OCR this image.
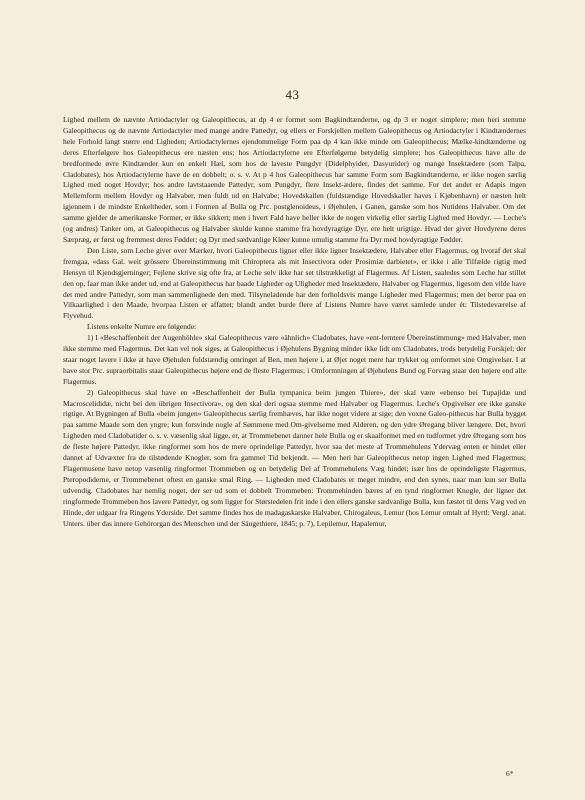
43

Lighed mellem de nævnte Artiodactyler og Galeopithecus, at dp 4 er formet som Bagkindtænderne, og dp 3 er noget simplere; men heri stemme Galeopithecus og de nævnte Artiodactyler med mange andre Pattedyr, og ellers er Forskjellen mellem Galeopithecus og Artiodactyler i Kindtændernes hele Forhold langt større end Ligheden; Artiodactylernes ejendommelige Form paa dp 4 kan ikke minde om Galeopithecus; Mælke-kindtænderne og deres Efterfølgere hos Galeopithecus ere næsten ens; hos Artiodactylerne ere Efterfølgerne betydelig simplere; hos Galeopithecus have alle de bredformede øvre Kindtænder kun en enkelt Hæl, som hos de laveste Pungdyr (Didelphyider, Dasyurider) og mange Insektædere (som Talpa, Cladobates), hos Artiodactylerne have de en dobbelt; o. s. v. At p 4 hos Galeopithecus har samme Form som Bagkindtænderne, er ikke nogen særlig Lighed med noget Hovdyr; hos andre lavtstaaende Pattedyr, som Pungdyr, flere Insekt-ædere, findes det samme. For det andet er Adapis ingen Mellemform mellem Hovdyr og Halvaber, men fuldt ud en Halvabe; Hovedskallen (fuldstændige Hovedskaller haves i Kjøbenhavn) er næsten helt igjennem i de mindste Enkeltheder, som i Formen af Bulla og Prc. postglenoideus, i Øjehulen, i Ganen, ganske som hos Nutidens Halvaber. Om det samme gjelder de amerikanske Former, er ikke sikkert; men i hvert Fald have heller ikke de nogen virkelig eller særlig Lighed med Hovdyr. — Leche's (og andres) Tanker om, at Galeopithecus og Halvaber skulde kunne stamme fra hovdyragtige Dyr, ere helt urigtige. Hvad der giver Hovdyrene deres Særpræg, er først og fremmest deres Fødder; og Dyr med sædvanlige Kløer kunne umulig stamme fra Dyr med hovdyragtige Fødder.

Den Liste, som Leche giver over Mærker, hvori Galeopithecus ligner eller ikke ligner Insektædere, Halvaber eller Flagermus, og hvoraf det skal fremgaa, «dass Gal. weit grössere Übereinstimmung mit Chiroptera als mit Insectivora oder Prosimiæ darbietet», er ikke i alle Tilfælde rigtig med Hensyn til Kjendsgjerninger; Fejlene skrive sig ofte fra, at Leche selv ikke har set tilstrækkeligt af Flagermus. Af Listen, saaledes som Leche har stillet den op, faar man ikke andet ud, end at Galeopithecus har baade Ligheder og Uligheder med Insektædere, Halvaber og Flagermus, ligesom den vilde have det med andre Pattedyr, som man sammenlignede den med. Tilsyneladende har den forholdsvis mange Ligheder med Flagermus; men det beror paa en Vilkaarlighed i den Maade, hvorpaa Listen er affattet; blandt andet burde flere af Listens Numre have været samlede under ét: Tilstedeværelse af Flyvehud.

Listens enkelte Numre ere følgende:

1) I «Beschaffenheit der Augenhöhle» skal Galeopithecus være «ähnlich» Cladobates, have «ent-ferntere Übereinstimmung» med Halvaber, men ikke stemme med Flagermus. Det kan vel nok siges, at Galeopithecus i Øjehulens Bygning minder ikke lidt om Cladobates, trods betydelig Forskjel; der staar noget lavere i ikke at have Øjehulen fuldstændig omringet af Ben, men højere i, at Øjet noget mere har trykket og omformet sine Omgivelser. I at have stor Prc. supraorbitalis staar Galeopithecus højere end de fleste Flagermus; i Omformningen af Øjehulens Bund og Forvæg staar den højere end alle Flagermus.

2) Galeopithecus skal have en «Beschaffenheit der Bulla tympanica beim jungen Thiere», der skal være «ebenso bei Tupajidæ und Macroscelididæ, nicht bei den übrigen Insectivora», og den skal deri ogsaa stemme med Halvaber og Flagermus. Leche's Opgivelser ere ikke ganske rigtige. At Bygningen af Bulla «beim jungen» Galeopithecus særlig fremhæves, har ikke noget videre at sige; den voxne Galeo-pithecus har Bulla bygget paa samme Maade som den yngre; kun forsvinde nogle af Sømmene med Om-givelserne med Alderen, og den ydre Øregang bliver længere. Det, hvori Ligheden med Cladobatider o. s. v. væsenlig skal ligge, er, at Trommebenet danner hele Bulla og er skaalformet med en tudformet ydre Øregang som hos de fleste højere Pattedyr, ikke ringformet som hos de mere oprindelige Pattedyr, hvor saa det meste af Trommehulens Ydervæg enten er hindet eller dannet af Udvæxter fra de tilstødende Knogler, som fra gammel Tid bekjendt. — Men heri har Galeopithecus netop ingen Lighed med Flagermus; Flagermusene have netop væsenlig ringformet Trommeben og en betydelig Del af Trommehulens Væg hindet; især hos de oprindeligste Flagermus, Pteropodiderne, er Trommebenet oftest en ganske smal Ring. — Ligheden med Cladobates er meget mindre, end den synes, naar man kun ser Bulla udvendig. Cladobates har nemlig noget, der ser ud som et dobbelt Trommeben: Trommehinden bæres af en tynd ringformet Knogle, der ligner det ringformede Trommeben hos lavere Pattedyr, og som ligger for Størstedelen frit inde i den ellers ganske sædvanlige Bulla, kun fæstet til dens Væg ved en Hinde, der udgaar fra Ringens Yderside. Det samme findes hos de madagaskarske Halvaber, Chirogaleus, Lemur (hos Lemur omtalt af Hyrtl: Vergl. anat. Unters. über das innere Gehörorgan des Menschen und der Säugethiere, 1845; p. 7), Lepilemur, Hapalemur,

6*
